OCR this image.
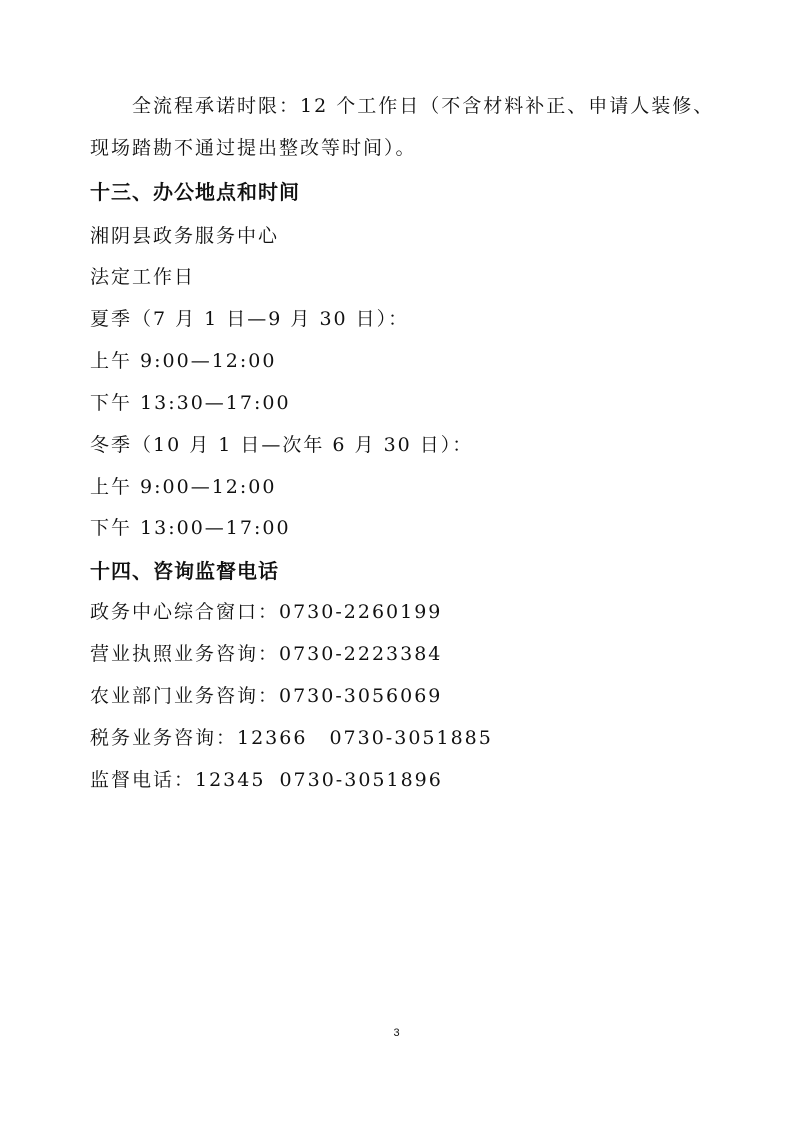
全流程承诺时限：12 个工作日（不含材料补正、申请人装修、
现场踏勘不通过提出整改等时间）。
十三、办公地点和时间
湘阴县政务服务中心
法定工作日
夏季（7 月 1 日—9 月 30 日）：
上午 9:00—12:00
下午 13:30—17:00
冬季（10 月 1 日—次年 6 月 30 日）：
上午 9:00—12:00
下午 13:00—17:00
十四、咨询监督电话
政务中心综合窗口：0730-2260199
营业执照业务咨询：0730-2223384
农业部门业务咨询：0730-3056069
税务业务咨询：12366 0730-3051885
监督电话：12345 0730-3051896
3
